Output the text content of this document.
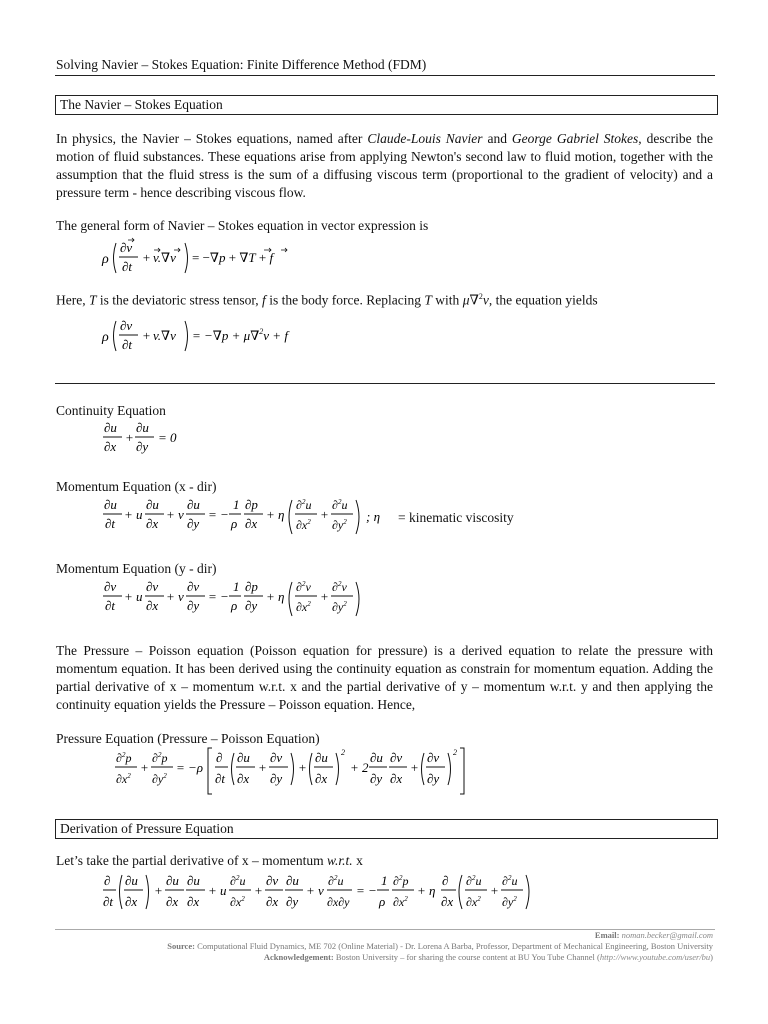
Solving Navier – Stokes Equation: Finite Difference Method (FDM)
The Navier – Stokes Equation
In physics, the Navier – Stokes equations, named after Claude-Louis Navier and George Gabriel Stokes, describe the motion of fluid substances. These equations arise from applying Newton's second law to fluid motion, together with the assumption that the fluid stress is the sum of a diffusing viscous term (proportional to the gradient of velocity) and a pressure term - hence describing viscous flow.
The general form of Navier – Stokes equation in vector expression is
ρ
∂v
∂t
+ v.∇v = −∇p + ∇T + f
Here, T is the deviatoric stress tensor, f is the body force. Replacing T with μ∇$^2$v, the equation yields
ρ
∂v
∂t
+ v.∇v = −∇p + μ∇$^2$v + f
Continuity Equation
∂u
∂x
+
∂u
∂y
= 0
Momentum Equation (x - dir)
∂u
∂t
+ u
∂u
∂x
+ v
∂u
∂y
= −
1
ρ
∂p
∂x
+ η
∂$^2$u
$\partial x^2$ +
∂$^2$u
$\partial y^2$ ; η = kinematic viscosity
Momentum Equation (y - dir)
∂v
∂t
+ u
∂v
∂x
+ v
∂v
∂y
= −
1
ρ
∂p
∂y
+ η
∂$^2$v
$\partial x^2$ +
∂$^2$v
$\partial y^2$
The Pressure – Poisson equation (Poisson equation for pressure) is a derived equation to relate the pressure with momentum equation. It has been derived using the continuity equation as constrain for momentum equation. Adding the partial derivative of x – momentum w.r.t. x and the partial derivative of y – momentum w.r.t. y and then applying the continuity equation yields the Pressure – Poisson equation. Hence,
Pressure Equation (Pressure – Poisson Equation)
∂$^2$p
$\partial x^2$
+
∂$^2$p
$\partial y^2$
= −ρ
∂
∂t
∂u
∂x
+
∂v
∂y
+
∂u
∂x
2
+ 2
∂u
∂y
∂v
∂x
+
∂v
∂y
2
Derivation of Pressure Equation
Let’s take the partial derivative of x – momentum w.r.t. x
∂
∂t
∂u
∂x
+
∂u
∂x
∂u
∂x
+ u
∂$^2$u
$\partial x^2$
+
∂v
∂x
∂u
∂y
+ v
∂$^2$u
∂x∂y
= −
1
ρ
∂$^2$p
$\partial x^2$
+ η
∂
∂x
∂$^2$u
$\partial x^2$
+
∂$^2$u
$\partial y^2$
Email: noman.becker@gmail.com
Source: Computational Fluid Dynamics, ME 702 (Online Material) - Dr. Lorena A Barba, Professor, Department of Mechanical Engineering, Boston University
Acknowledgement: Boston University – for sharing the course content at BU You Tube Channel (http://www.youtube.com/user/bu)
